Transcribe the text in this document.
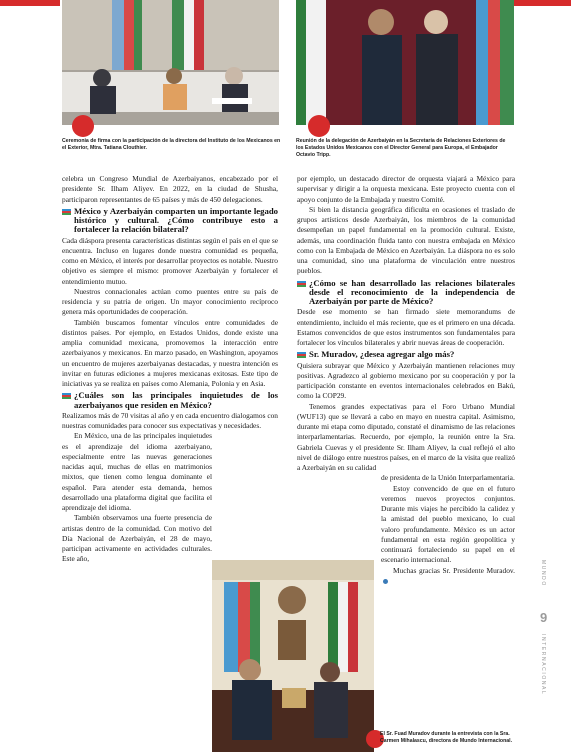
Ceremonia de firma con la participación de la directora del Instituto de los Mexicanos en el Exterior, Mtra. Tatiana Clouthier.
Reunión de la delegación de Azerbaiyán en la Secretaría de Relaciones Exteriores de los Estados Unidos Mexicanos con el Director General para Europa, el Embajador Octavio Tripp.

celebra un Congreso Mundial de Azerbaiyanos, encabezado por el presidente Sr. Ilham Aliyev. En 2022, en la ciudad de Shusha, participaron representantes de 65 países y más de 450 delegaciones.

México y Azerbaiyán comparten un importante legado histórico y cultural. ¿Cómo contribuye esto a fortalecer la relación bilateral?

Cada diáspora presenta características distintas según el país en el que se encuentra. Incluso en lugares donde nuestra comunidad es pequeña, como en México, el interés por desarrollar proyectos es notable. Nuestro objetivo es siempre el mismo: promover Azerbaiyán y fortalecer el entendimiento mutuo.

Nuestros connacionales actúan como puentes entre su país de residencia y su patria de origen. Un mayor conocimiento recíproco genera más oportunidades de cooperación.

También buscamos fomentar vínculos entre comunidades de distintos países. Por ejemplo, en Estados Unidos, donde existe una amplia comunidad mexicana, promovemos la interacción entre azerbaiyanos y mexicanos. En marzo pasado, en Washington, apoyamos un encuentro de mujeres azerbaiyanas destacadas, y nuestra intención es invitar en futuras ediciones a mujeres mexicanas exitosas. Este tipo de iniciativas ya se realiza en países como Alemania, Polonia y en Asia.

¿Cuáles son las principales inquietudes de los azerbaiyanos que residen en México?

Realizamos más de 70 visitas al año y en cada encuentro dialogamos con nuestras comunidades para conocer sus expectativas y necesidades.

En México, una de las principales inquietudes es el aprendizaje del idioma azerbaiyano, especialmente entre las nuevas generaciones nacidas aquí, muchas de ellas en matrimonios mixtos, que tienen como lengua dominante el español. Para atender esta demanda, hemos desarrollado una plataforma digital que facilita el aprendizaje del idioma.

También observamos una fuerte presencia de artistas dentro de la comunidad. Con motivo del Día Nacional de Azerbaiyán, el 28 de mayo, participan activamente en actividades culturales. Este año,

por ejemplo, un destacado director de orquesta viajará a México para supervisar y dirigir a la orquesta mexicana. Este proyecto cuenta con el apoyo conjunto de la Embajada y nuestro Comité.

Si bien la distancia geográfica dificulta en ocasiones el traslado de grupos artísticos desde Azerbaiyán, los miembros de la comunidad desempeñan un papel fundamental en la promoción cultural. Existe, además, una coordinación fluida tanto con nuestra embajada en México como con la Embajada de México en Azerbaiyán. La diáspora no es solo una comunidad, sino una plataforma de vinculación entre nuestros pueblos.

¿Cómo se han desarrollado las relaciones bilaterales desde el reconocimiento de la independencia de Azerbaiyán por parte de México?

Desde ese momento se han firmado siete memorandums de entendimiento, incluido el más reciente, que es el primero en una década. Estamos convencidos de que estos instrumentos son fundamentales para fortalecer los vínculos bilaterales y abrir nuevas áreas de cooperación.

Sr. Muradov, ¿desea agregar algo más?

Quisiera subrayar que México y Azerbaiyán mantienen relaciones muy positivas. Agradezco al gobierno mexicano por su cooperación y por la participación constante en eventos internacionales celebrados en Bakú, como la COP29.

Tenemos grandes expectativas para el Foro Urbano Mundial (WUF13) que se llevará a cabo en mayo en nuestra capital. Asimismo, durante mi etapa como diputado, constaté el dinamismo de las relaciones interparlamentarias. Recuerdo, por ejemplo, la reunión entre la Sra. Gabriela Cuevas y el presidente Sr. Ilham Aliyev, la cual reflejó el alto nivel de diálogo entre nuestros países, en el marco de la visita que realizó a Azerbaiyán en su calidad

de presidenta de la Unión Interparlamentaria.

Estoy convencido de que en el futuro veremos nuevos proyectos conjuntos. Durante mis viajes he percibido la calidez y la amistad del pueblo mexicano, lo cual valoro profundamente. México es un actor fundamental en esta región geopolítica y continuará fortaleciendo su papel en el escenario internacional.

Muchas gracias Sr. Presidente Muradov.

El Sr. Fuad Muradov durante la entrevista con la Sra. Carmen Mihalascu, directora de Mundo Internacional.
MUNDO
9
INTERNACIONAL
